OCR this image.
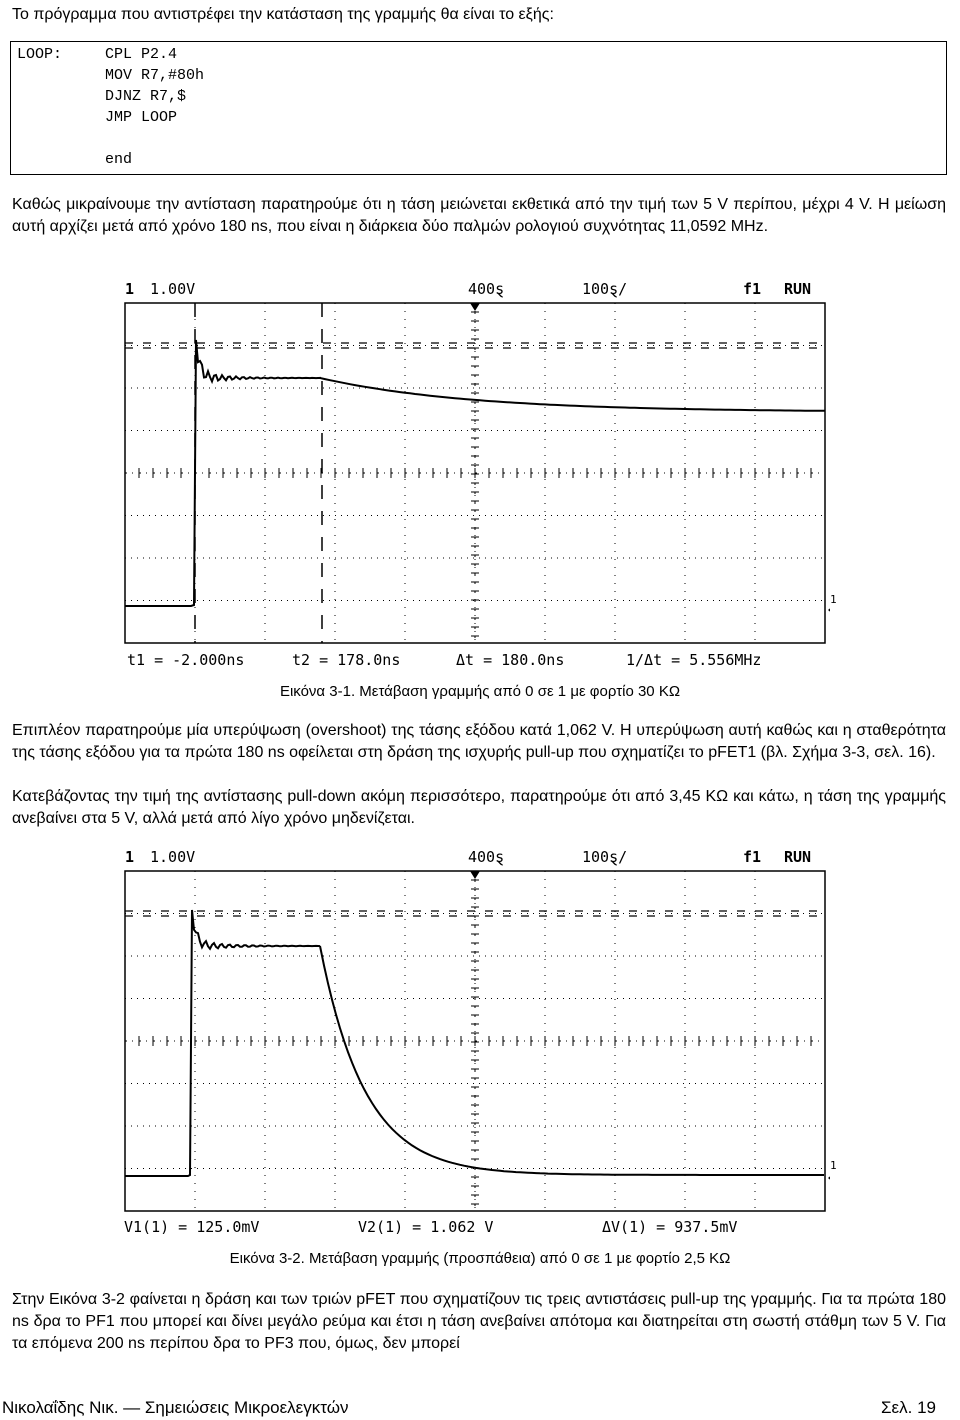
Το πρόγραμμα που αντιστρέφει την κατάσταση της γραμμής θα είναι το εξής:
LOOP:	CPL P2.4
MOV R7,#80h
DJNZ R7,$
JMP LOOP
end
Καθώς μικραίνουμε την αντίσταση παρατηρούμε ότι η τάση μειώνεται εκθετικά από την τιμή των 5 V περίπου, μέχρι 4 V. Η μείωση αυτή αρχίζει μετά από χρόνο 180 ns, που είναι η διάρκεια δύο παλμών ρολογιού συχνότητας 11,0592 MHz.
1 1.00V	400ȿ	100ȿ/	f1 RUN
1
t1 = -2.000ns	t2 = 178.0ns	Δt = 180.0ns	1/Δt = 5.556MHz
Εικόνα 3-1. Μετάβαση γραμμής από 0 σε 1 με φορτίο 30 ΚΩ
Επιπλέον παρατηρούμε μία υπερύψωση (overshoot) της τάσης εξόδου κατά 1,062 V. Η υπερύψωση αυτή καθώς και η σταθερότητα της τάσης εξόδου για τα πρώτα 180 ns οφείλεται στη δράση της ισχυρής pull-up που σχηματίζει το pFET1 (βλ. Σχήμα 3-3, σελ. 16).
Κατεβάζοντας την τιμή της αντίστασης pull-down ακόμη περισσότερο, παρατηρούμε ότι από 3,45 ΚΩ και κάτω, η τάση της γραμμής ανεβαίνει στα 5 V, αλλά μετά από λίγο χρόνο μηδενίζεται.
1 1.00V	400ȿ	100ȿ/	f1 RUN
1
V1(1) = 125.0mV	V2(1) = 1.062 V	ΔV(1) = 937.5mV
Εικόνα 3-2. Μετάβαση γραμμής (προσπάθεια) από 0 σε 1 με φορτίο 2,5 ΚΩ
Στην Εικόνα 3-2 φαίνεται η δράση και των τριών pFET που σχηματίζουν τις τρεις αντιστάσεις pull-up της γραμμής. Για τα πρώτα 180 ns δρα το PF1 που μπορεί και δίνει μεγάλο ρεύμα και έτσι η τάση ανεβαίνει απότομα και διατηρείται στη σωστή στάθμη των 5 V. Για τα επόμενα 200 ns περίπου δρα το PF3 που, όμως, δεν μπορεί
Νικολαΐδης Νικ. — Σημειώσεις Μικροελεγκτών	Σελ. 19
